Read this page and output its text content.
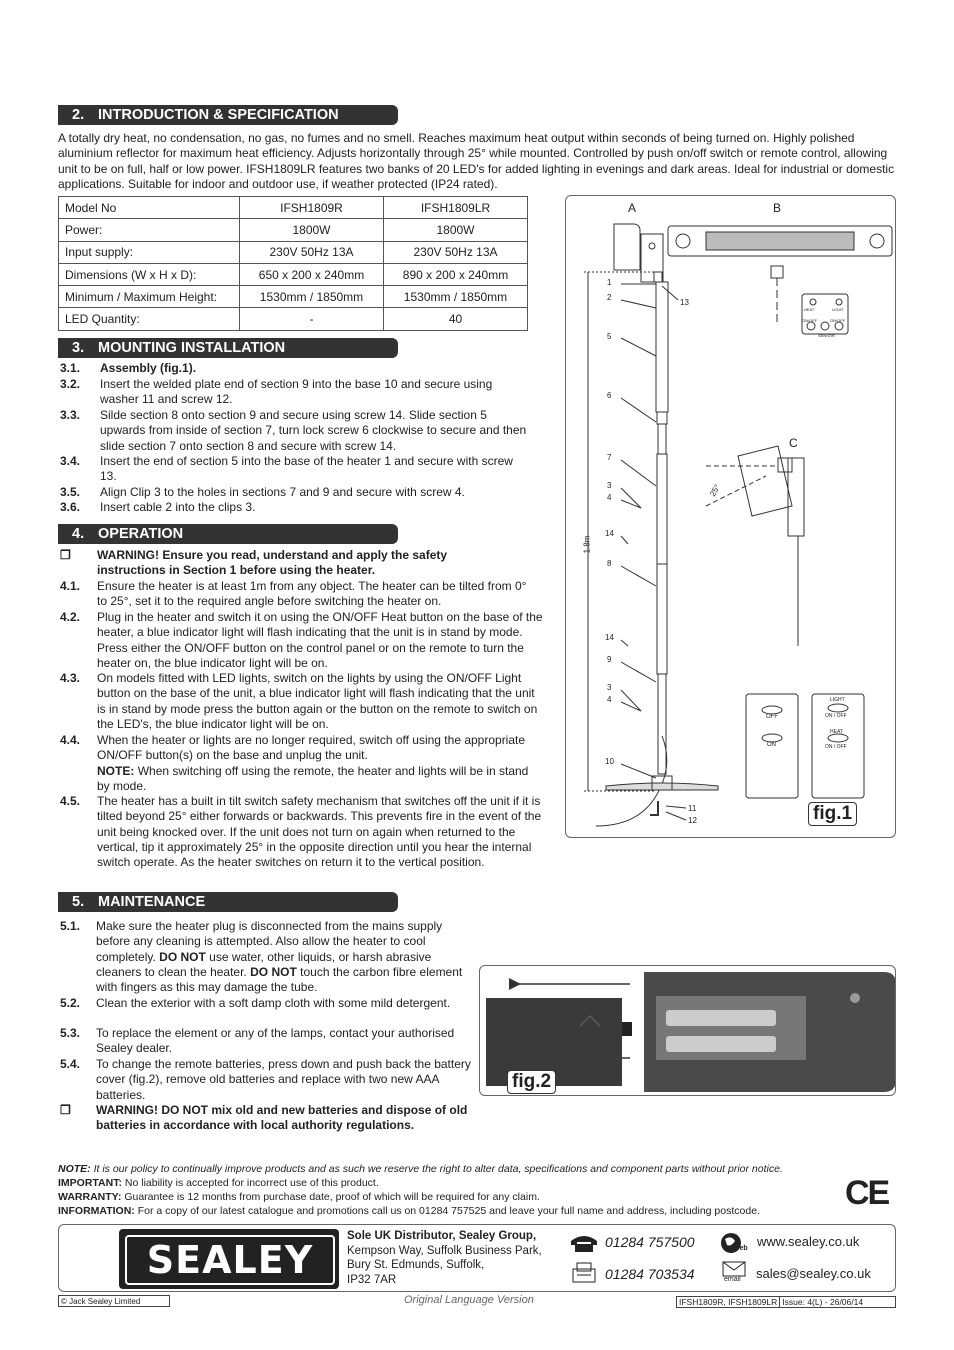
2. INTRODUCTION & SPECIFICATION
A totally dry heat, no condensation, no gas, no fumes and no smell. Reaches maximum heat output within seconds of being turned on. Highly polished aluminium reflector for maximum heat efficiency. Adjusts horizontally through 25° while mounted. Controlled by push on/off switch or remote control, allowing unit to be on full, half or low power. IFSH1809LR features two banks of 20 LED's for added lighting in evenings and dark areas. Ideal for industrial or domestic applications. Suitable for indoor and outdoor use, if weather protected (IP24 rated).
Model No	IFSH1809R	IFSH1809LR
Power:	1800W	1800W
Input supply:	230V 50Hz 13A	230V 50Hz 13A
Dimensions (W x H x D):	650 x 200 x 240mm	890 x 200 x 240mm
Minimum / Maximum Height:	1530mm / 1850mm	1530mm / 1850mm
LED Quantity:	-	40
3. MOUNTING INSTALLATION
3.1. Assembly (fig.1).
3.2. Insert the welded plate end of section 9 into the base 10 and secure using washer 11 and screw 12.
3.3. Silde section 8 onto section 9 and secure using screw 14. Slide section 5 upwards from inside of section 7, turn lock screw 6 clockwise to secure and then slide section 7 onto section 8 and secure with screw 14.
3.4. Insert the end of section 5 into the base of the heater 1 and secure with screw 13.
3.5. Align Clip 3 to the holes in sections 7 and 9 and secure with screw 4.
3.6. Insert cable 2 into the clips 3.
4. OPERATION
❐ WARNING! Ensure you read, understand and apply the safety instructions in Section 1 before using the heater.
4.1. Ensure the heater is at least 1m from any object. The heater can be tilted from 0° to 25°, set it to the required angle before switching the heater on.
4.2. Plug in the heater and switch it on using the ON/OFF Heat button on the base of the heater, a blue indicator light will flash indicating that the unit is in stand by mode. Press either the ON/OFF button on the control panel or on the remote to turn the heater on, the blue indicator light will be on.
4.3. On models fitted with LED lights, switch on the lights by using the ON/OFF Light button on the base of the unit, a blue indicator light will flash indicating that the unit is in stand by mode press the button again or the button on the remote to switch on the LED's, the blue indicator light will be on.
4.4. When the heater or lights are no longer required, switch off using the appropriate ON/OFF button(s) on the base and unplug the unit.
NOTE: When switching off using the remote, the heater and lights will be in stand by mode.
4.5. The heater has a built in tilt switch safety mechanism that switches off the unit if it is tilted beyond 25° either forwards or backwards. This prevents fire in the event of the unit being knocked over. If the unit does not turn on again when returned to the vertical, tip it approximately 25° in the opposite direction until you hear the internal switch operate. As the heater switches on return it to the vertical position.
5. MAINTENANCE
5.1. Make sure the heater plug is disconnected from the mains supply before any cleaning is attempted. Also allow the heater to cool completely. DO NOT use water, other liquids, or harsh abrasive cleaners to clean the heater. DO NOT touch the carbon fibre element with fingers as this may damage the tube.
5.2. Clean the exterior with a soft damp cloth with some mild detergent.
5.3. To replace the element or any of the lamps, contact your authorised Sealey dealer.
5.4. To change the remote batteries, press down and push back the battery cover (fig.2), remove old batteries and replace with two new AAA batteries.
❐ WARNING! DO NOT mix old and new batteries and dispose of old batteries in accordance with local authority regulations.
A	B
C
1.8m
25°
1
2
5
6
7
3
4
14
8
14
9
3
4
10
11
12
13
HEAT	LIGHT
ON/OFF	ON/OFF
SENSOR
OFF
ON
LIGHT
ON / OFF
HEAT
ON / OFF
fig.1
fig.2
NOTE: It is our policy to continually improve products and as such we reserve the right to alter data, specifications and component parts without prior notice.
IMPORTANT: No liability is accepted for incorrect use of this product.
WARRANTY: Guarantee is 12 months from purchase date, proof of which will be required for any claim.
INFORMATION: For a copy of our latest catalogue and promotions call us on 01284 757525 and leave your full name and address, including postcode.	CE
SEALEY
Sole UK Distributor, Sealey Group,
Kempson Way, Suffolk Business Park,
Bury St. Edmunds, Suffolk,
IP32 7AR
01284 757500
01284 703534
Web
email
www.sealey.co.uk
sales@sealey.co.uk
© Jack Sealey Limited	Original Language Version	IFSH1809R, IFSH1809LR Issue: 4(L) - 26/06/14
